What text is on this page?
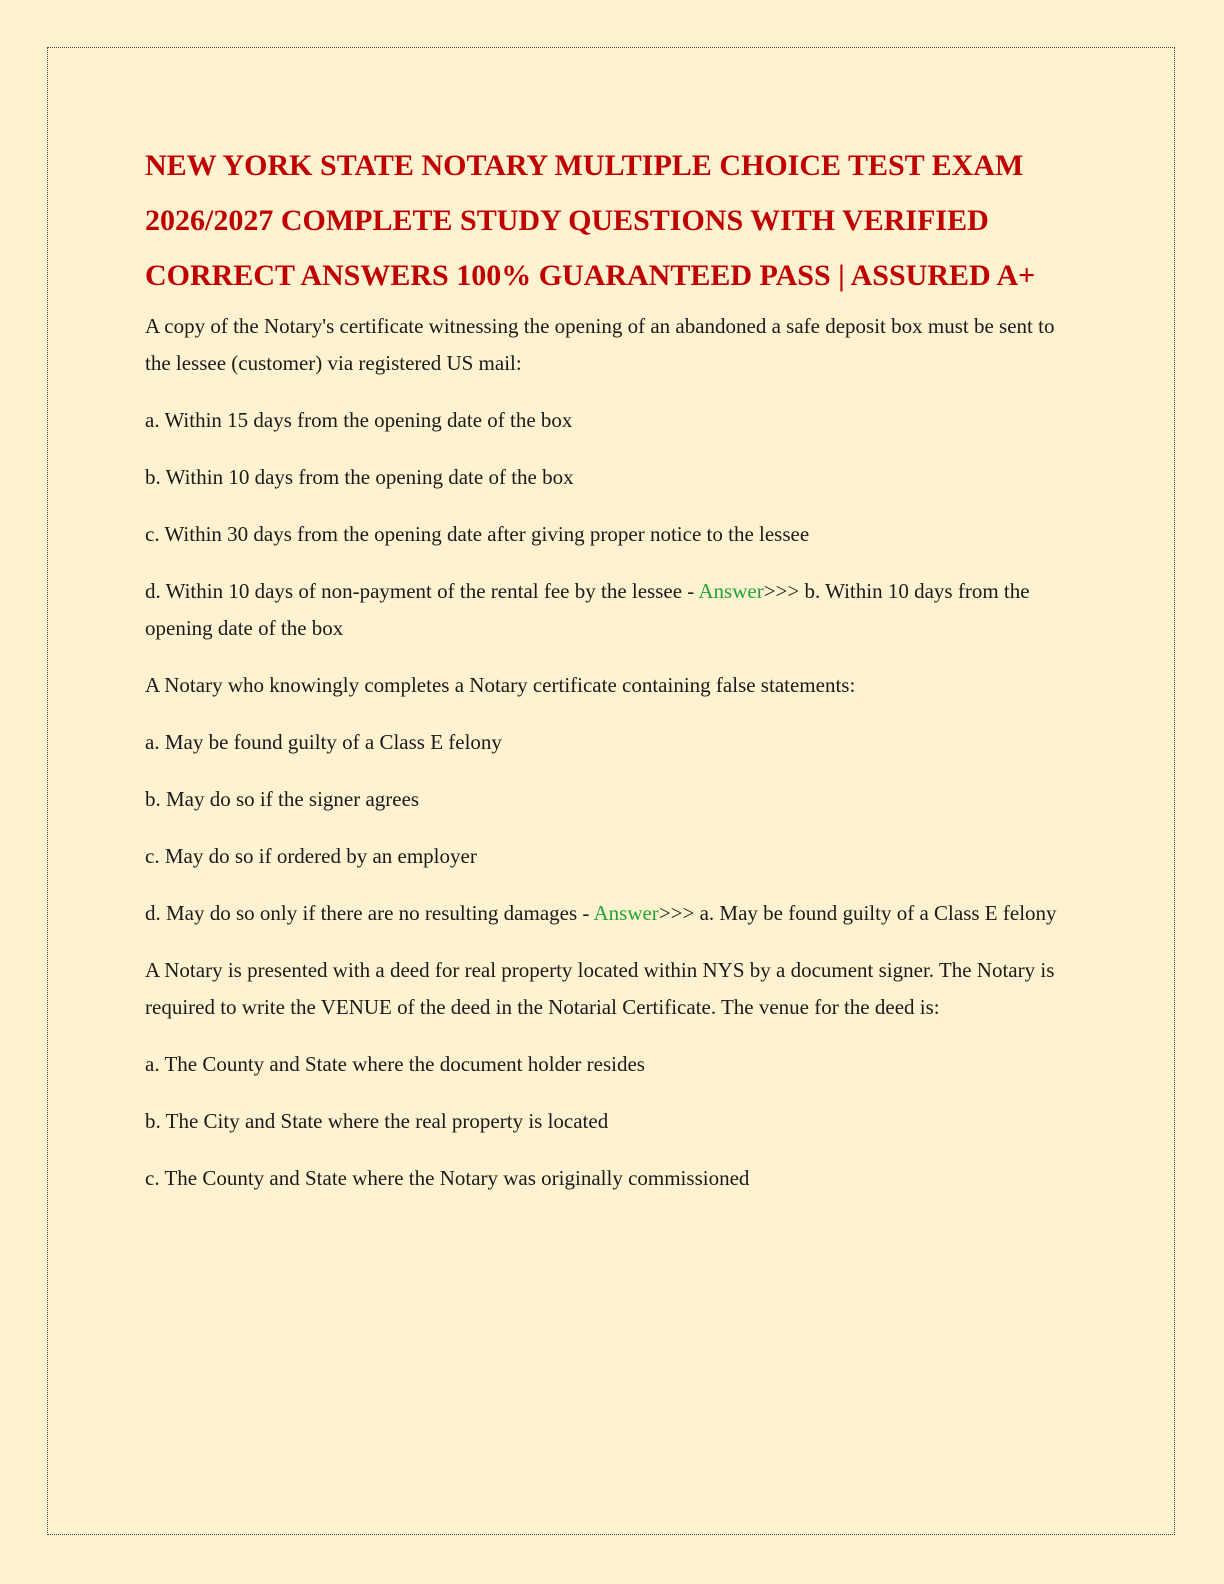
NEW YORK STATE NOTARY MULTIPLE CHOICE TEST EXAM 2026/2027 COMPLETE STUDY QUESTIONS WITH VERIFIED CORRECT ANSWERS 100% GUARANTEED PASS | ASSURED A+

A copy of the Notary's certificate witnessing the opening of an abandoned a safe deposit box must be sent to the lessee (customer) via registered US mail:

a. Within 15 days from the opening date of the box

b. Within 10 days from the opening date of the box

c. Within 30 days from the opening date after giving proper notice to the lessee

d. Within 10 days of non-payment of the rental fee by the lessee - Answer>>> b. Within 10 days from the opening date of the box

A Notary who knowingly completes a Notary certificate containing false statements:

a. May be found guilty of a Class E felony

b. May do so if the signer agrees

c. May do so if ordered by an employer

d. May do so only if there are no resulting damages - Answer>>> a. May be found guilty of a Class E felony

A Notary is presented with a deed for real property located within NYS by a document signer. The Notary is required to write the VENUE of the deed in the Notarial Certificate. The venue for the deed is:

a. The County and State where the document holder resides

b. The City and State where the real property is located

c. The County and State where the Notary was originally commissioned
